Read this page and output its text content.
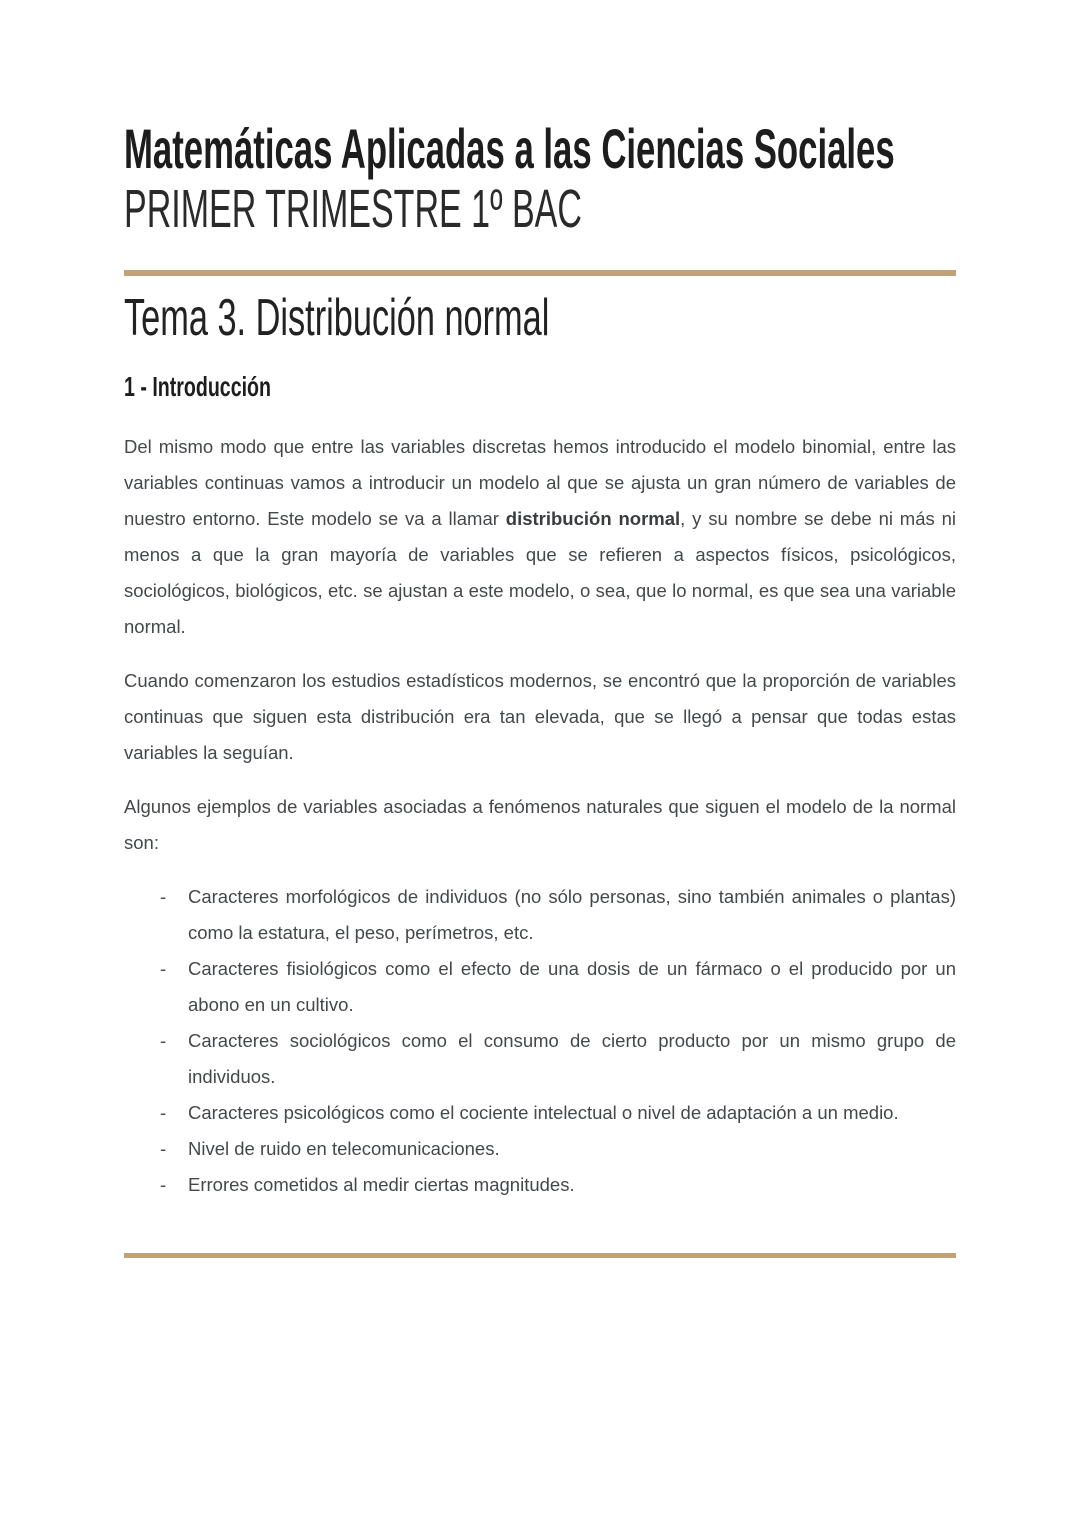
Matemáticas Aplicadas a las Ciencias Sociales
PRIMER TRIMESTRE 1º BAC
Tema 3. Distribución normal
1 - Introducción

Del mismo modo que entre las variables discretas hemos introducido el modelo binomial, entre las variables continuas vamos a introducir un modelo al que se ajusta un gran número de variables de nuestro entorno. Este modelo se va a llamar distribución normal, y su nombre se debe ni más ni menos a que la gran mayoría de variables que se refieren a aspectos físicos, psicológicos, sociológicos, biológicos, etc. se ajustan a este modelo, o sea, que lo normal, es que sea una variable normal.

Cuando comenzaron los estudios estadísticos modernos, se encontró que la proporción de variables continuas que siguen esta distribución era tan elevada, que se llegó a pensar que todas estas variables la seguían.

Algunos ejemplos de variables asociadas a fenómenos naturales que siguen el modelo de la normal son:

-	Caracteres morfológicos de individuos (no sólo personas, sino también animales o plantas) como la estatura, el peso, perímetros, etc.
-	Caracteres fisiológicos como el efecto de una dosis de un fármaco o el producido por un abono en un cultivo.
-	Caracteres sociológicos como el consumo de cierto producto por un mismo grupo de individuos.
-	Caracteres psicológicos como el cociente intelectual o nivel de adaptación a un medio.
-	Nivel de ruido en telecomunicaciones.
-	Errores cometidos al medir ciertas magnitudes.
